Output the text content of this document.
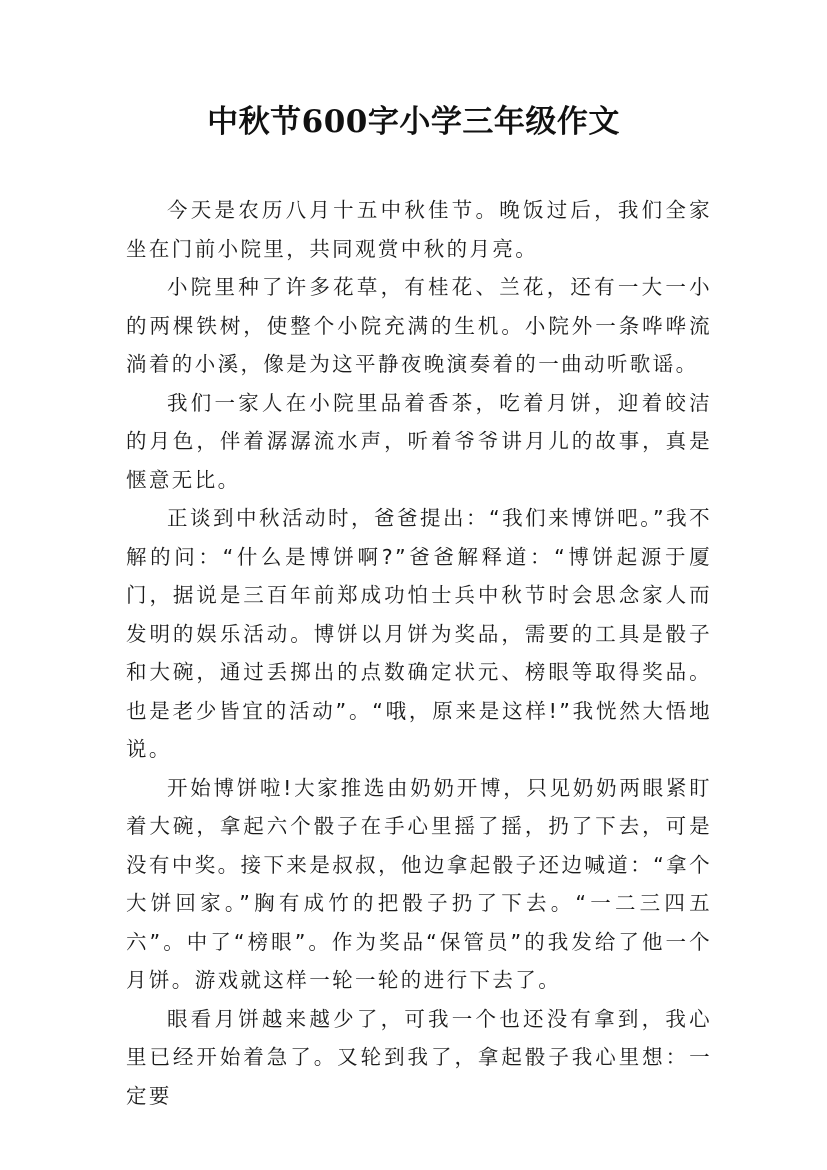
中秋节600字小学三年级作文

今天是农历八月十五中秋佳节。晚饭过后，我们全家坐在门前小院里，共同观赏中秋的月亮。

小院里种了许多花草，有桂花、兰花，还有一大一小的两棵铁树，使整个小院充满的生机。小院外一条哗哗流淌着的小溪，像是为这平静夜晚演奏着的一曲动听歌谣。

我们一家人在小院里品着香茶，吃着月饼，迎着皎洁的月色，伴着潺潺流水声，听着爷爷讲月儿的故事，真是惬意无比。

正谈到中秋活动时，爸爸提出：“我们来博饼吧。”我不解的问：“什么是博饼啊?”爸爸解释道：“博饼起源于厦门，据说是三百年前郑成功怕士兵中秋节时会思念家人而发明的娱乐活动。博饼以月饼为奖品，需要的工具是骰子和大碗，通过丢掷出的点数确定状元、榜眼等取得奖品。也是老少皆宜的活动”。“哦，原来是这样!”我恍然大悟地说。

开始博饼啦!大家推选由奶奶开博，只见奶奶两眼紧盯着大碗，拿起六个骰子在手心里摇了摇，扔了下去，可是没有中奖。接下来是叔叔，他边拿起骰子还边喊道：“拿个大饼回家。”胸有成竹的把骰子扔了下去。“一二三四五六”。中了“榜眼”。作为奖品“保管员”的我发给了他一个月饼。游戏就这样一轮一轮的进行下去了。

眼看月饼越来越少了，可我一个也还没有拿到，我心里已经开始着急了。又轮到我了，拿起骰子我心里想：一定要
